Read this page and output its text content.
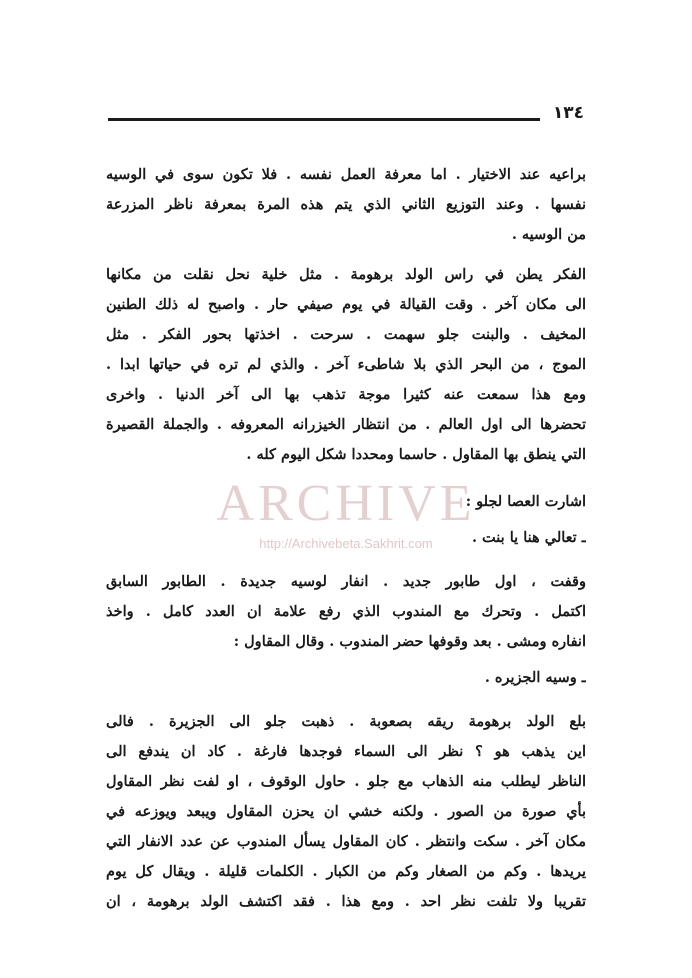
١٣٤
براعيه عند الاختيار . اما معرفة العمل نفسه . فلا تكون سوى في الوسيه
نفسها . وعند التوزيع الثاني الذي يتم هذه المرة بمعرفة ناظر المزرعة
من الوسيه .
الفكر يطن في راس الولد برهومة . مثل خلية نحل نقلت من مكانها
الى مكان آخر . وقت القيالة في يوم صيفي حار . واصبح له ذلك الطنين
المخيف . والبنت جلو سهمت . سرحت . اخذتها بحور الفكر . مثل
الموج ، من البحر الذي بلا شاطىء آخر . والذي لم تره في حياتها ابدا .
ومع هذا سمعت عنه كثيرا موجة تذهب بها الى آخر الدنيا . واخرى
تحضرها الى اول العالم . من انتظار الخيزرانه المعروفه . والجملة القصيرة
التي ينطق بها المقاول . حاسما ومحددا شكل اليوم كله .
اشارت العصا لجلو :
ـ تعالي هنا يا بنت .
وقفت ، اول طابور جديد . انفار لوسيه جديدة . الطابور السابق
اكتمل . وتحرك مع المندوب الذي رفع علامة ان العدد كامل . واخذ
انفاره ومشى . بعد وقوفها حضر المندوب . وقال المقاول :
ـ وسيه الجزيره .
بلع الولد برهومة ريقه بصعوبة . ذهبت جلو الى الجزيرة . فالى
اين يذهب هو ؟ نظر الى السماء فوجدها فارغة . كاد ان يندفع الى
الناظر ليطلب منه الذهاب مع جلو . حاول الوقوف ، او لفت نظر المقاول
بأي صورة من الصور . ولكنه خشي ان يحزن المقاول ويبعد ويوزعه في
مكان آخر . سكت وانتظر . كان المقاول يسأل المندوب عن عدد الانفار التي
يريدها . وكم من الصغار وكم من الكبار . الكلمات قليلة . ويقال كل يوم
تقريبا ولا تلفت نظر احد . ومع هذا . فقد اكتشف الولد برهومة ، ان
ARCHIVE
http://Archivebeta.Sakhrit.com
